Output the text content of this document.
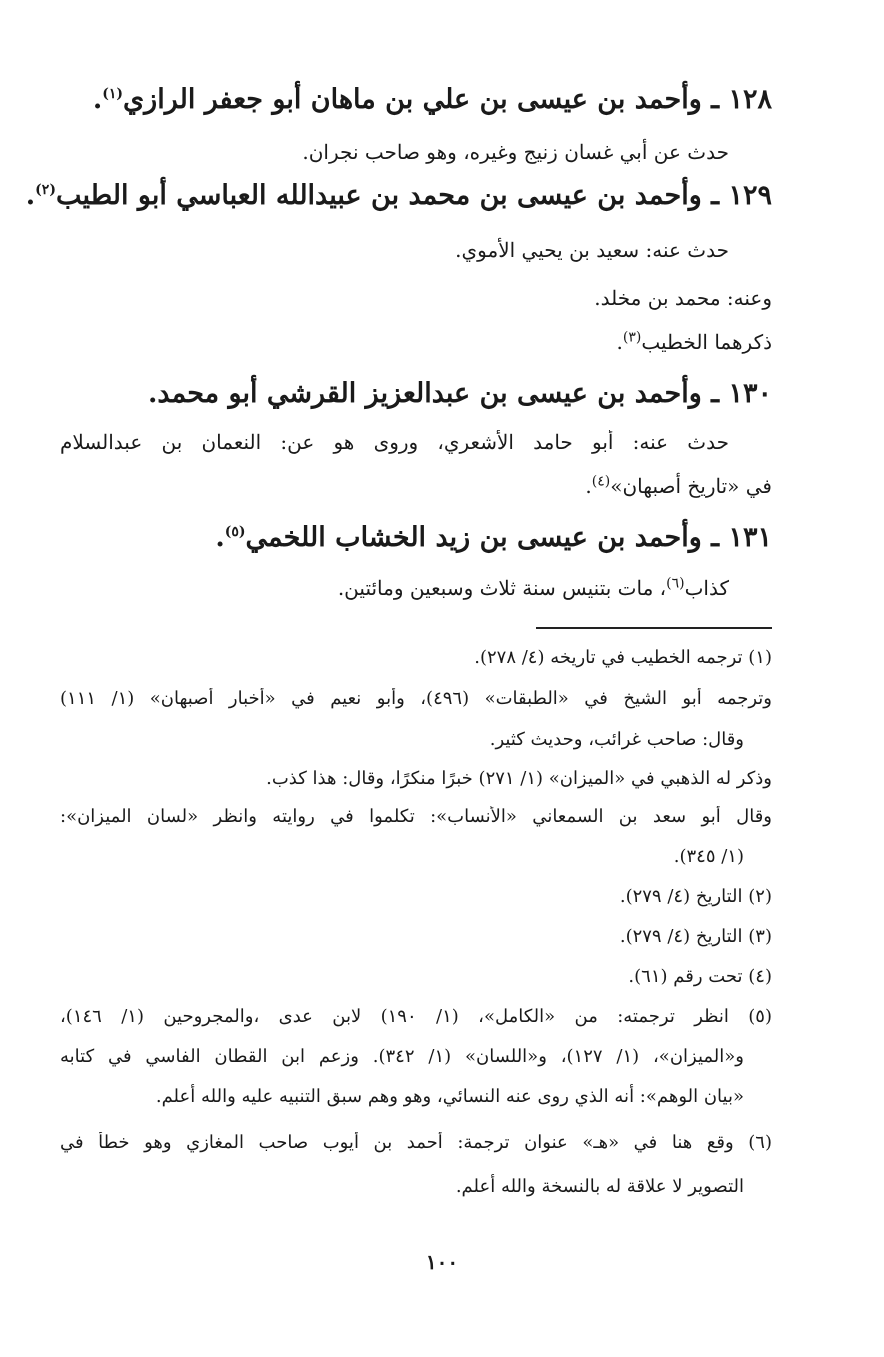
١٢٨ ـ وأحمد بن عيسى بن علي بن ماهان أبو جعفر الرازي$^{(١)}$.
حدث عن أبي غسان زنيج وغيره، وهو صاحب نجران.
١٢٩ ـ وأحمد بن عيسى بن محمد بن عبيدالله العباسي أبو الطيب$^{(٢)}$.
حدث عنه: سعيد بن يحيي الأموي.
وعنه: محمد بن مخلد.
ذكرهما الخطيب$^{(٣)}$.
١٣٠ ـ وأحمد بن عيسى بن عبدالعزيز القرشي أبو محمد.
حدث عنه: أبو حامد الأشعري، وروى هو عن: النعمان بن عبدالسلام
في «تاريخ أصبهان»$^{(٤)}$.
١٣١ ـ وأحمد بن عيسى بن زيد الخشاب اللخمي$^{(٥)}$.
كذاب$^{(٦)}$، مات بتنيس سنة ثلاث وسبعين ومائتين.
(١) ترجمه الخطيب في تاريخه (٤/ ٢٧٨).
وترجمه أبو الشيخ في «الطبقات» (٤٩٦)، وأبو نعيم في «أخبار أصبهان» (١/ ١١١)
وقال: صاحب غرائب، وحديث كثير.
وذكر له الذهبي في «الميزان» (١/ ٢٧١) خبرًا منكرًا، وقال: هذا كذب.
وقال أبو سعد بن السمعاني «الأنساب»: تكلموا في روايته وانظر «لسان الميزان»:
(١/ ٣٤٥).
(٢) التاريخ (٤/ ٢٧٩).
(٣) التاريخ (٤/ ٢٧٩).
(٤) تحت رقم (٦١).
(٥) انظر ترجمته: من «الكامل»، (١/ ١٩٠) لابن عدى ،والمجروحين (١/ ١٤٦)،
و«الميزان»، (١/ ١٢٧)، و«اللسان» (١/ ٣٤٢). وزعم ابن القطان الفاسي في كتابه
«بيان الوهم»: أنه الذي روى عنه النسائي، وهو وهم سبق التنبيه عليه والله أعلم.
(٦) وقع هنا في «هـ» عنوان ترجمة: أحمد بن أيوب صاحب المغازي وهو خطأ في
التصوير لا علاقة له بالنسخة والله أعلم.
١٠٠
